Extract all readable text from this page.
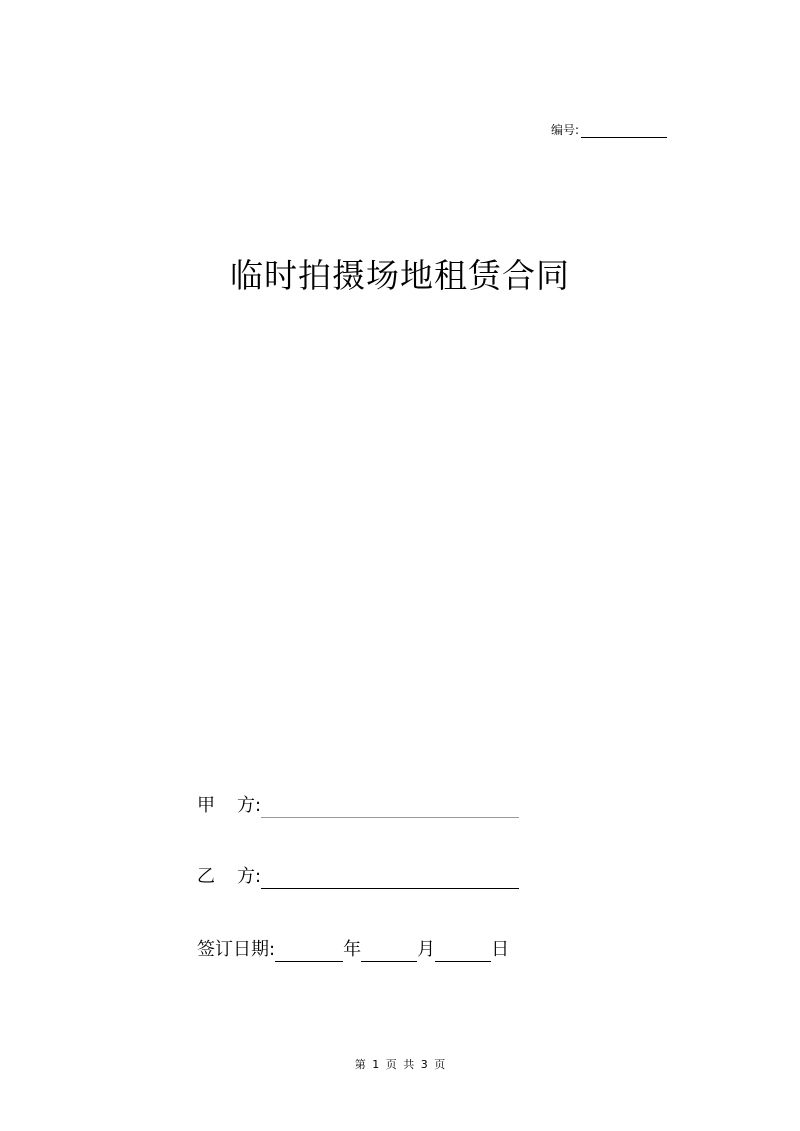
编号:
临时拍摄场地租赁合同
甲 方:
乙 方:
签订日期:	年	月	日
第 1 页 共 3 页
